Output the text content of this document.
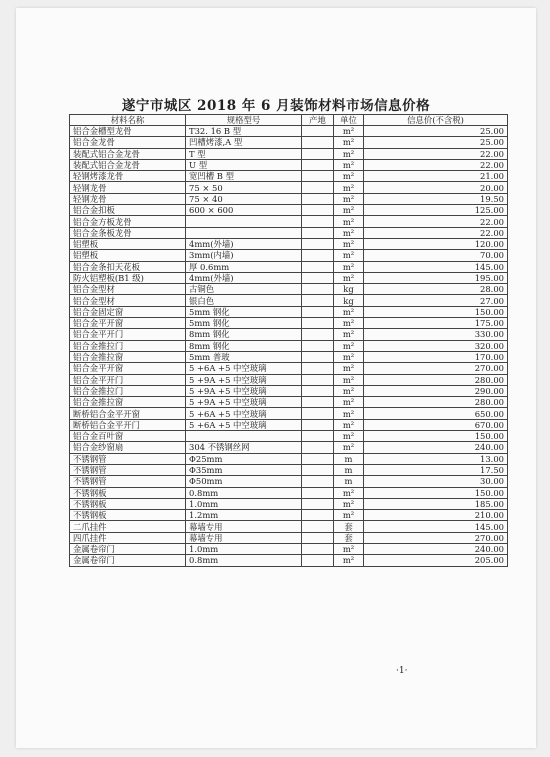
遂宁市城区 2018 年 6 月装饰材料市场信息价格
材料名称	规格型号	产地	单位	信息价(不含税)
铝合金槽型龙骨	T32. 16 B 型		m²	25.00
铝合金龙骨	凹槽烤漆,A 型		m²	25.00
装配式铝合金龙骨	T 型		m²	22.00
装配式铝合金龙骨	U 型		m²	22.00
轻钢烤漆龙骨	宽凹槽 B 型		m²	21.00
轻钢龙骨	75 × 50		m²	20.00
轻钢龙骨	75 × 40		m²	19.50
铝合金扣板	600 × 600		m²	125.00
铝合金方板龙骨			m²	22.00
铝合金条板龙骨			m²	22.00
铝塑板	4mm(外墙)		m²	120.00
铝塑板	3mm(内墙)		m²	70.00
铝合金条扣天花板	厚 0.6mm		m²	145.00
防火铝塑板(B1 级)	4mm(外墙)		m²	195.00
铝合金型材	古铜色		kg	28.00
铝合金型材	银白色		kg	27.00
铝合金固定窗	5mm 钢化		m²	150.00
铝合金平开窗	5mm 钢化		m²	175.00
铝合金平开门	8mm 钢化		m²	330.00
铝合金推拉门	8mm 钢化		m²	320.00
铝合金推拉窗	5mm 普玻		m²	170.00
铝合金平开窗	5 +6A +5 中空玻璃		m²	270.00
铝合金平开门	5 +9A +5 中空玻璃		m²	280.00
铝合金推拉门	5 +9A +5 中空玻璃		m²	290.00
铝合金推拉窗	5 +9A +5 中空玻璃		m²	280.00
断桥铝合金平开窗	5 +6A +5 中空玻璃		m²	650.00
断桥铝合金平开门	5 +6A +5 中空玻璃		m²	670.00
铝合金百叶窗			m²	150.00
铝合金纱窗扇	304 不锈钢丝网		m²	240.00
不锈钢管	Φ25mm		m	13.00
不锈钢管	Φ35mm		m	17.50
不锈钢管	Φ50mm		m	30.00
不锈钢板	0.8mm		m²	150.00
不锈钢板	1.0mm		m²	185.00
不锈钢板	1.2mm		m²	210.00
二爪挂件	幕墙专用		套	145.00
四爪挂件	幕墙专用		套	270.00
金属卷帘门	1.0mm		m²	240.00
金属卷帘门	0.8mm		m²	205.00
·1·
